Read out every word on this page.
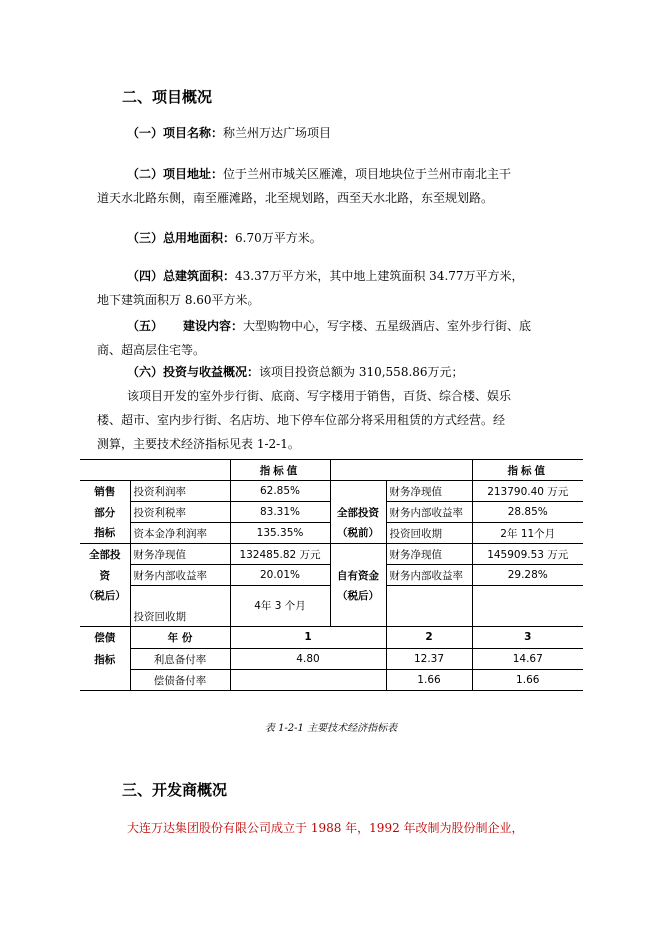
二、项目概况
（一）项目名称：称兰州万达广场项目
（二）项目地址：位于兰州市城关区雁滩，项目地块位于兰州市南北主干
道天水北路东侧，南至雁滩路，北至规划路，西至天水北路，东至规划路。
（三）总用地面积：6.70万平方米。
（四）总建筑面积：43.37万平方米，其中地上建筑面积 34.77万平方米，
地下建筑面积万 8.60平方米。
（五） 建设内容：大型购物中心，写字楼、五星级酒店、室外步行街、底
商、超高层住宅等。
（六）投资与收益概况：该项目投资总额为 310,558.86万元；
该项目开发的室外步行街、底商、写字楼用于销售，百货、综合楼、娱乐
楼、超市、室内步行街、名店坊、地下停车位部分将采用租赁的方式经营。经
测算，主要技术经济指标见表 1-2-1。
		指标值			指标值
销售	投资利润率	62.85%		财务净现值	213790.40 万元
部分	投资利税率	83.31%	全部投资	财务内部收益率	28.85%
指标	资本金净利润率	135.35%	（税前）	投资回收期	2年 11个月
全部投	财务净现值	132485.82 万元		财务净现值	145909.53 万元
资	财务内部收益率	20.01%	自有资金	财务内部收益率	29.28%
（税后）	投资回收期	4年 3 个月	（税后）		
偿债	年 份	1		2	3
指标	利息备付率	4.80		12.37	14.67
	偿债备付率			1.66	1.66
表 1-2-1 主要技术经济指标表
三、开发商概况
大连万达集团股份有限公司成立于 1988 年，1992 年改制为股份制企业，
